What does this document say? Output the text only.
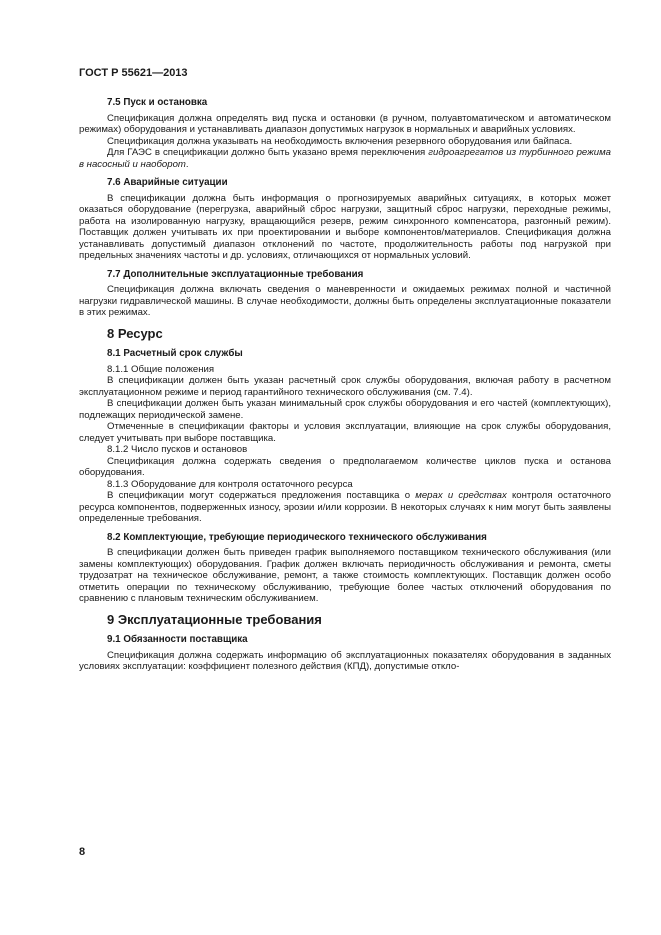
ГОСТ Р 55621—2013
7.5 Пуск и остановка

Спецификация должна определять вид пуска и остановки (в ручном, полуавтоматическом и автоматическом режимах) оборудования и устанавливать диапазон допустимых нагрузок в нормальных и аварийных условиях.

Спецификация должна указывать на необходимость включения резервного оборудования или байпаса.

Для ГАЭС в спецификации должно быть указано время переключения гидроагрегатов из турбинного режима в насосный и наоборот.

7.6 Аварийные ситуации

В спецификации должна быть информация о прогнозируемых аварийных ситуациях, в которых может оказаться оборудование (перегрузка, аварийный сброс нагрузки, защитный сброс нагрузки, переходные режимы, работа на изолированную нагрузку, вращающийся резерв, режим синхронного компенсатора, разгонный режим). Поставщик должен учитывать их при проектировании и выборе компонентов/материалов. Спецификация должна устанавливать допустимый диапазон отклонений по частоте, продолжительность работы под нагрузкой при предельных значениях частоты и др. условиях, отличающихся от нормальных условий.

7.7 Дополнительные эксплуатационные требования

Спецификация должна включать сведения о маневренности и ожидаемых режимах полной и частичной нагрузки гидравлической машины. В случае необходимости, должны быть определены эксплуатационные показатели в этих режимах.

8 Ресурс
8.1 Расчетный срок службы

8.1.1 Общие положения

В спецификации должен быть указан расчетный срок службы оборудования, включая работу в расчетном эксплуатационном режиме и период гарантийного технического обслуживания (см. 7.4).

В спецификации должен быть указан минимальный срок службы оборудования и его частей (комплектующих), подлежащих периодической замене.

Отмеченные в спецификации факторы и условия эксплуатации, влияющие на срок службы оборудования, следует учитывать при выборе поставщика.

8.1.2 Число пусков и остановов

Спецификация должна содержать сведения о предполагаемом количестве циклов пуска и останова оборудования.

8.1.3 Оборудование для контроля остаточного ресурса

В спецификации могут содержаться предложения поставщика о мерах и средствах контроля остаточного ресурса компонентов, подверженных износу, эрозии и/или коррозии. В некоторых случаях к ним могут быть заявлены определенные требования.

8.2 Комплектующие, требующие периодического технического обслуживания

В спецификации должен быть приведен график выполняемого поставщиком технического обслуживания (или замены комплектующих) оборудования. График должен включать периодичность обслуживания и ремонта, сметы трудозатрат на техническое обслуживание, ремонт, а также стоимость комплектующих. Поставщик должен особо отметить операции по техническому обслуживанию, требующие более частых отключений оборудования по сравнению с плановым техническим обслуживанием.

9 Эксплуатационные требования
9.1 Обязанности поставщика

Спецификация должна содержать информацию об эксплуатационных показателях оборудования в заданных условиях эксплуатации: коэффициент полезного действия (КПД), допустимые откло-

8
